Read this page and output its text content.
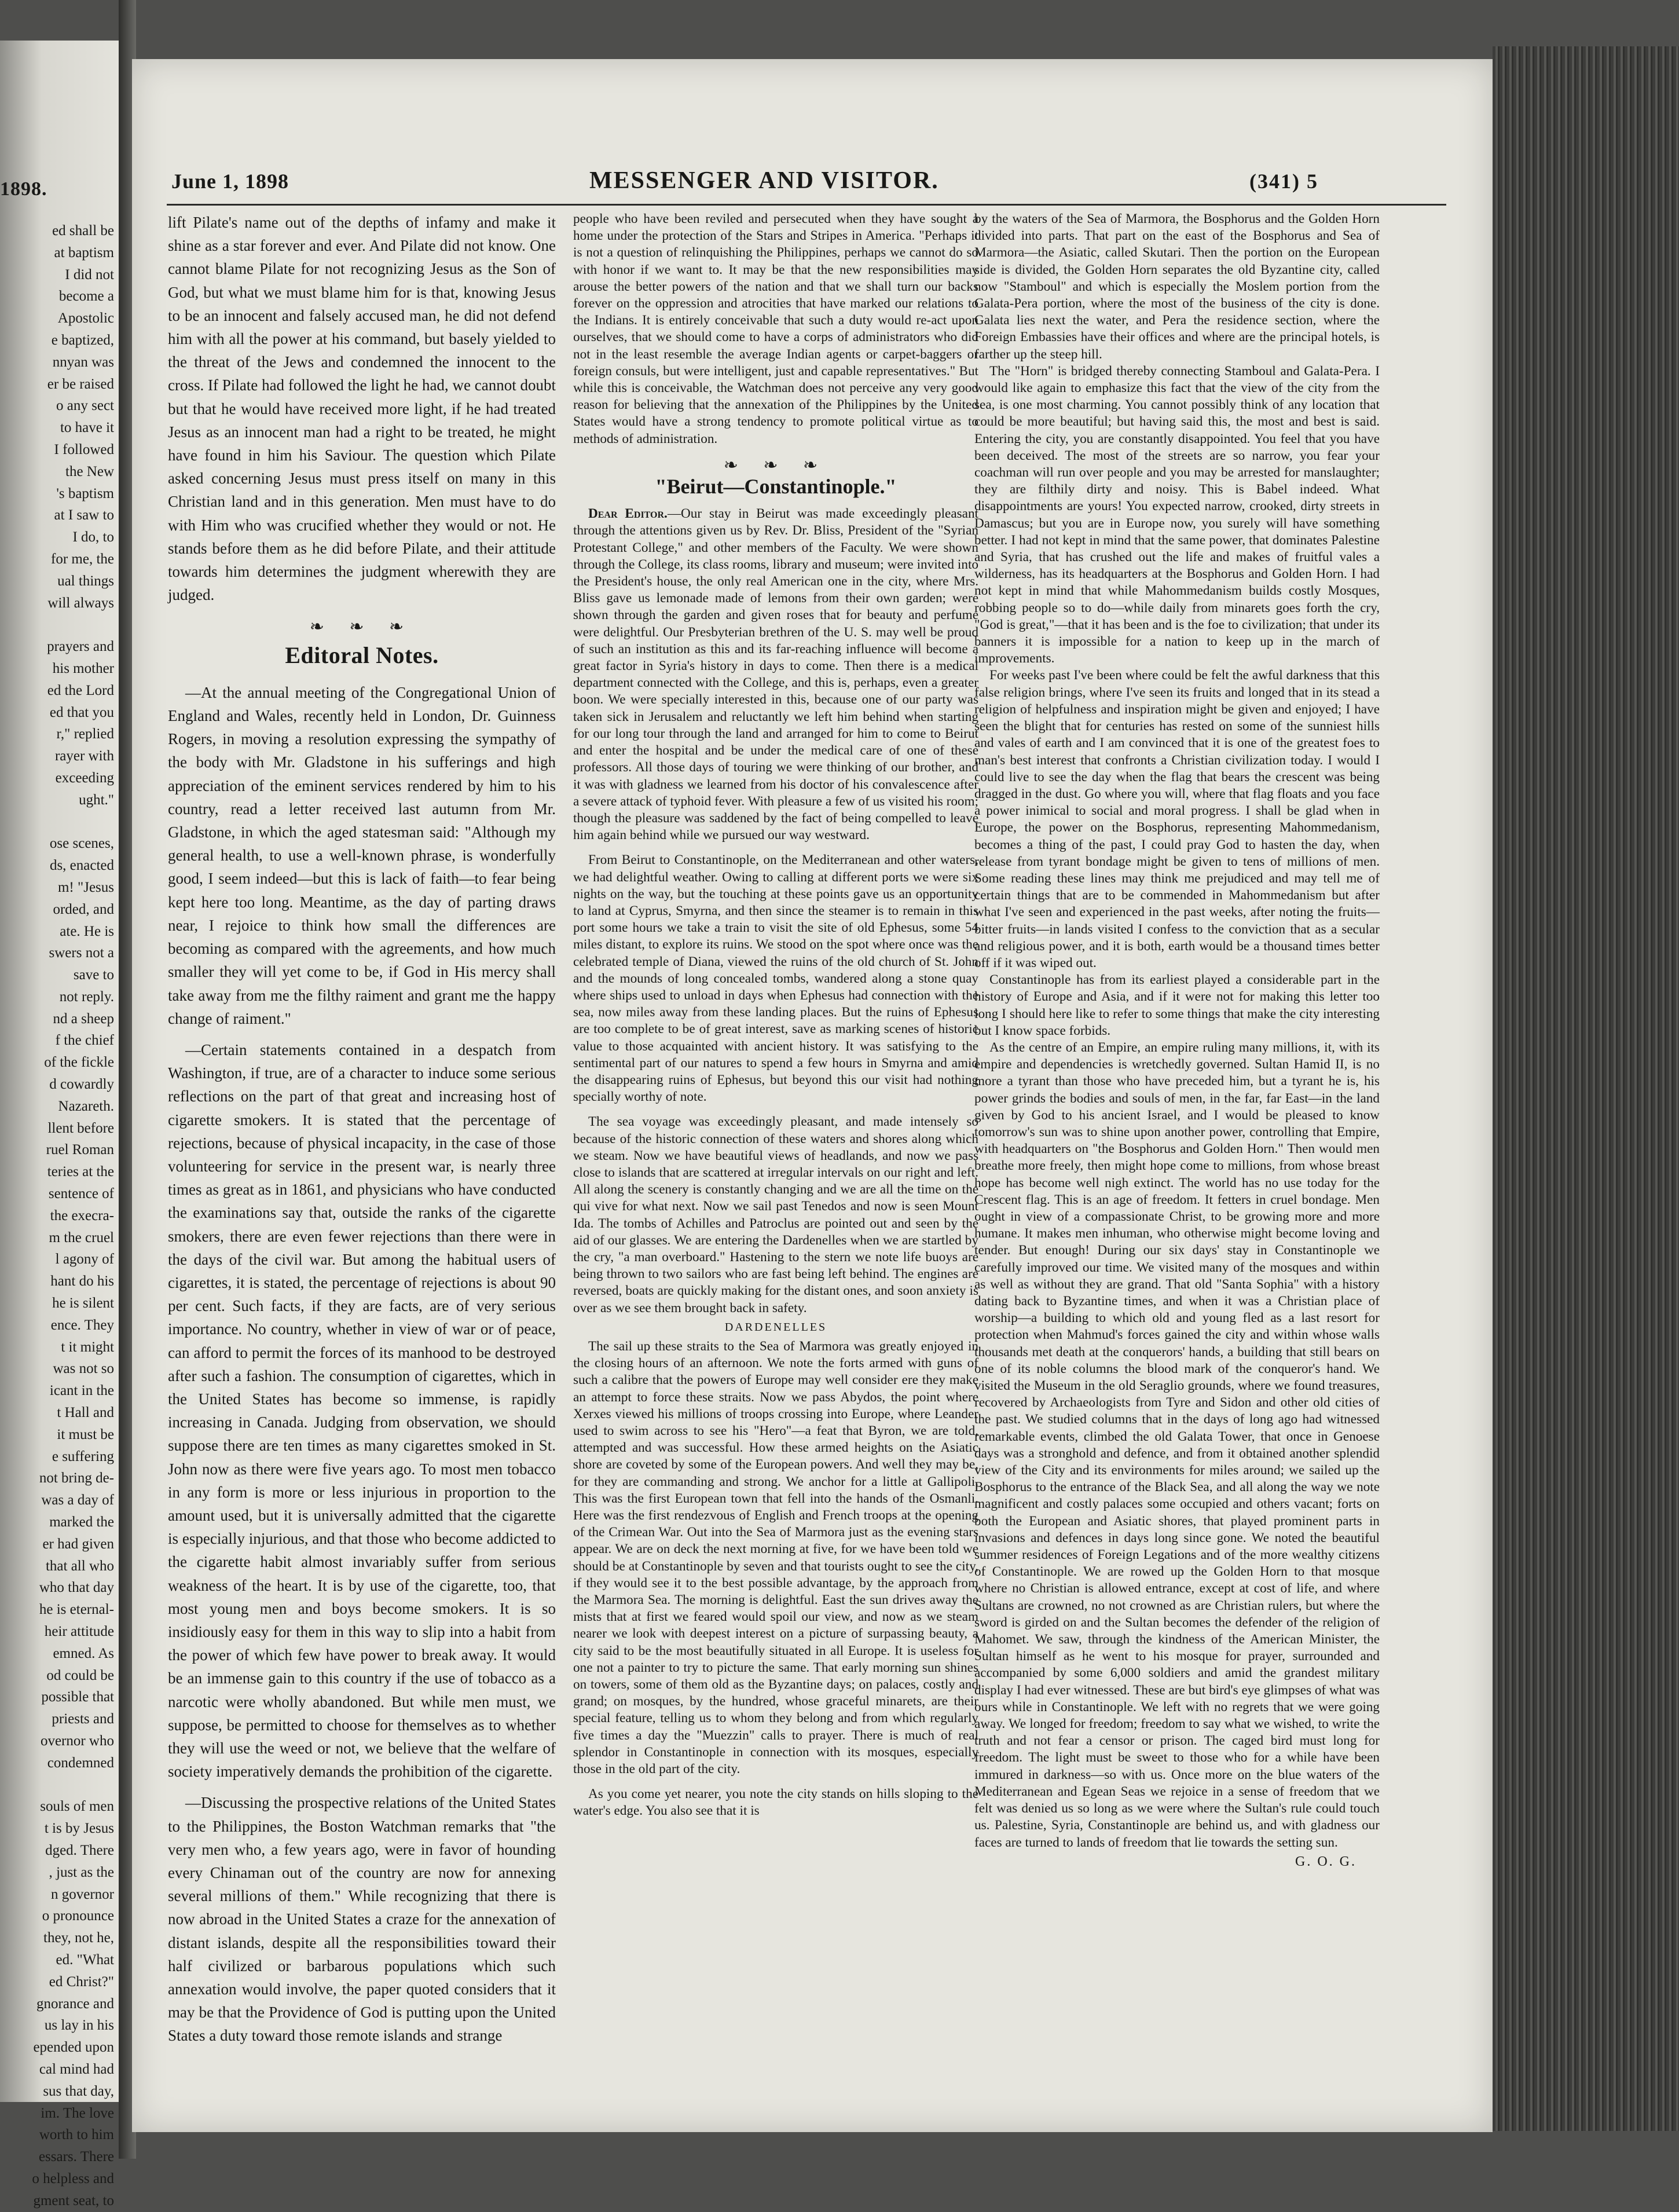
1898.
ed shall be
at baptism
I did not
become a
Apostolic
e baptized,
nnyan was
er be raised
o any sect
to have it
I followed
the New
's baptism
at I saw to
I do, to
for me, the
ual things
will always
prayers and
his mother
ed the Lord
ed that you
r," replied
rayer with
exceeding
ught."
ose scenes,
ds, enacted
m! "Jesus
orded, and
ate. He is
swers not a
save to
not reply.
nd a sheep
f the chief
of the fickle
d cowardly
Nazareth.
llent before
ruel Roman
teries at the
sentence of
the execra-
m the cruel
l agony of
hant do his
he is silent
ence. They
t it might
was not so
icant in the
t Hall and
it must be
e suffering
not bring de-
was a day of
marked the
er had given
that all who
who that day
he is eternal-
heir attitude
emned. As
od could be
possible that
priests and
overnor who
condemned
souls of men
t is by Jesus
dged. There
, just as the
n governor
o pronounce
they, not he,
ed. "What
ed Christ?"
gnorance and
us lay in his
epended upon
cal mind had
sus that day,
im. The love
worth to him
essars. There
o helpless and
gment seat, to
June 1, 1898	MESSENGER AND VISITOR.	(341) 5

lift Pilate's name out of the depths of infamy and make it shine as a star forever and ever. And Pilate did not know. One cannot blame Pilate for not recognizing Jesus as the Son of God, but what we must blame him for is that, knowing Jesus to be an innocent and falsely accused man, he did not defend him with all the power at his command, but basely yielded to the threat of the Jews and condemned the innocent to the cross. If Pilate had followed the light he had, we cannot doubt but that he would have received more light, if he had treated Jesus as an innocent man had a right to be treated, he might have found in him his Saviour. The question which Pilate asked concerning Jesus must press itself on many in this Christian land and in this generation. Men must have to do with Him who was crucified whether they would or not. He stands before them as he did before Pilate, and their attitude towards him determines the judgment wherewith they are judged.

❧ ❧ ❧
Editoral Notes.

—At the annual meeting of the Congregational Union of England and Wales, recently held in London, Dr. Guinness Rogers, in moving a resolution expressing the sympathy of the body with Mr. Gladstone in his sufferings and high appreciation of the eminent services rendered by him to his country, read a letter received last autumn from Mr. Gladstone, in which the aged statesman said: "Although my general health, to use a well-known phrase, is wonderfully good, I seem indeed—but this is lack of faith—to fear being kept here too long. Meantime, as the day of parting draws near, I rejoice to think how small the differences are becoming as compared with the agreements, and how much smaller they will yet come to be, if God in His mercy shall take away from me the filthy raiment and grant me the happy change of raiment."

—Certain statements contained in a despatch from Washington, if true, are of a character to induce some serious reflections on the part of that great and increasing host of cigarette smokers. It is stated that the percentage of rejections, because of physical incapacity, in the case of those volunteering for service in the present war, is nearly three times as great as in 1861, and physicians who have conducted the examinations say that, outside the ranks of the cigarette smokers, there are even fewer rejections than there were in the days of the civil war. But among the habitual users of cigarettes, it is stated, the percentage of rejections is about 90 per cent. Such facts, if they are facts, are of very serious importance. No country, whether in view of war or of peace, can afford to permit the forces of its manhood to be destroyed after such a fashion. The consumption of cigarettes, which in the United States has become so immense, is rapidly increasing in Canada. Judging from observation, we should suppose there are ten times as many cigarettes smoked in St. John now as there were five years ago. To most men tobacco in any form is more or less injurious in proportion to the amount used, but it is universally admitted that the cigarette is especially injurious, and that those who become addicted to the cigarette habit almost invariably suffer from serious weakness of the heart. It is by use of the cigarette, too, that most young men and boys become smokers. It is so insidiously easy for them in this way to slip into a habit from the power of which few have power to break away. It would be an immense gain to this country if the use of tobacco as a narcotic were wholly abandoned. But while men must, we suppose, be permitted to choose for themselves as to whether they will use the weed or not, we believe that the welfare of society imperatively demands the prohibition of the cigarette.

—Discussing the prospective relations of the United States to the Philippines, the Boston Watchman remarks that "the very men who, a few years ago, were in favor of hounding every Chinaman out of the country are now for annexing several millions of them." While recognizing that there is now abroad in the United States a craze for the annexation of distant islands, despite all the responsibilities toward their half civilized or barbarous populations which such annexation would involve, the paper quoted considers that it may be that the Providence of God is putting upon the United States a duty toward those remote islands and strange

people who have been reviled and persecuted when they have sought a home under the protection of the Stars and Stripes in America. "Perhaps it is not a question of relinquishing the Philippines, perhaps we cannot do so with honor if we want to. It may be that the new responsibilities may arouse the better powers of the nation and that we shall turn our backs forever on the oppression and atrocities that have marked our relations to the Indians. It is entirely conceivable that such a duty would re-act upon ourselves, that we should come to have a corps of administrators who did not in the least resemble the average Indian agents or carpet-baggers or foreign consuls, but were intelligent, just and capable representatives." But while this is conceivable, the Watchman does not perceive any very good reason for believing that the annexation of the Philippines by the United States would have a strong tendency to promote political virtue as to methods of administration.

❧ ❧ ❧
"Beirut—Constantinople."

Dear Editor.—Our stay in Beirut was made exceedingly pleasant through the attentions given us by Rev. Dr. Bliss, President of the "Syrian Protestant College," and other members of the Faculty. We were shown through the College, its class rooms, library and museum; were invited into the President's house, the only real American one in the city, where Mrs. Bliss gave us lemonade made of lemons from their own garden; were shown through the garden and given roses that for beauty and perfume were delightful. Our Presbyterian brethren of the U. S. may well be proud of such an institution as this and its far-reaching influence will become a great factor in Syria's history in days to come. Then there is a medical department connected with the College, and this is, perhaps, even a greater boon. We were specially interested in this, because one of our party was taken sick in Jerusalem and reluctantly we left him behind when starting for our long tour through the land and arranged for him to come to Beirut and enter the hospital and be under the medical care of one of these professors. All those days of touring we were thinking of our brother, and it was with gladness we learned from his doctor of his convalescence after a severe attack of typhoid fever. With pleasure a few of us visited his room; though the pleasure was saddened by the fact of being compelled to leave him again behind while we pursued our way westward.

From Beirut to Constantinople, on the Mediterranean and other waters, we had delightful weather. Owing to calling at different ports we were six nights on the way, but the touching at these points gave us an opportunity to land at Cyprus, Smyrna, and then since the steamer is to remain in this port some hours we take a train to visit the site of old Ephesus, some 54 miles distant, to explore its ruins. We stood on the spot where once was the celebrated temple of Diana, viewed the ruins of the old church of St. John and the mounds of long concealed tombs, wandered along a stone quay where ships used to unload in days when Ephesus had connection with the sea, now miles away from these landing places. But the ruins of Ephesus are too complete to be of great interest, save as marking scenes of historic value to those acquainted with ancient history. It was satisfying to the sentimental part of our natures to spend a few hours in Smyrna and amid the disappearing ruins of Ephesus, but beyond this our visit had nothing specially worthy of note.

The sea voyage was exceedingly pleasant, and made intensely so because of the historic connection of these waters and shores along which we steam. Now we have beautiful views of headlands, and now we pass close to islands that are scattered at irregular intervals on our right and left. All along the scenery is constantly changing and we are all the time on the qui vive for what next. Now we sail past Tenedos and now is seen Mount Ida. The tombs of Achilles and Patroclus are pointed out and seen by the aid of our glasses. We are entering the Dardenelles when we are startled by the cry, "a man overboard." Hastening to the stern we note life buoys are being thrown to two sailors who are fast being left behind. The engines are reversed, boats are quickly making for the distant ones, and soon anxiety is over as we see them brought back in safety.

DARDENELLES

The sail up these straits to the Sea of Marmora was greatly enjoyed in the closing hours of an afternoon. We note the forts armed with guns of such a calibre that the powers of Europe may well consider ere they make an attempt to force these straits. Now we pass Abydos, the point where Xerxes viewed his millions of troops crossing into Europe, where Leander used to swim across to see his "Hero"—a feat that Byron, we are told, attempted and was successful. How these armed heights on the Asiatic shore are coveted by some of the European powers. And well they may be, for they are commanding and strong. We anchor for a little at Gallipoli. This was the first European town that fell into the hands of the Osmanli. Here was the first rendezvous of English and French troops at the opening of the Crimean War. Out into the Sea of Marmora just as the evening stars appear. We are on deck the next morning at five, for we have been told we should be at Constantinople by seven and that tourists ought to see the city, if they would see it to the best possible advantage, by the approach from the Marmora Sea. The morning is delightful. East the sun drives away the mists that at first we feared would spoil our view, and now as we steam nearer we look with deepest interest on a picture of surpassing beauty, a city said to be the most beautifully situated in all Europe. It is useless for one not a painter to try to picture the same. That early morning sun shines on towers, some of them old as the Byzantine days; on palaces, costly and grand; on mosques, by the hundred, whose graceful minarets, are their special feature, telling us to whom they belong and from which regularly five times a day the "Muezzin" calls to prayer. There is much of real splendor in Constantinople in connection with its mosques, especially those in the old part of the city.

As you come yet nearer, you note the city stands on hills sloping to the water's edge. You also see that it is

by the waters of the Sea of Marmora, the Bosphorus and the Golden Horn divided into parts. That part on the east of the Bosphorus and Sea of Marmora—the Asiatic, called Skutari. Then the portion on the European side is divided, the Golden Horn separates the old Byzantine city, called now "Stamboul" and which is especially the Moslem portion from the Galata-Pera portion, where the most of the business of the city is done. Galata lies next the water, and Pera the residence section, where the Foreign Embassies have their offices and where are the principal hotels, is farther up the steep hill.

The "Horn" is bridged thereby connecting Stamboul and Galata-Pera. I would like again to emphasize this fact that the view of the city from the sea, is one most charming. You cannot possibly think of any location that could be more beautiful; but having said this, the most and best is said. Entering the city, you are constantly disappointed. You feel that you have been deceived. The most of the streets are so narrow, you fear your coachman will run over people and you may be arrested for manslaughter; they are filthily dirty and noisy. This is Babel indeed. What disappointments are yours! You expected narrow, crooked, dirty streets in Damascus; but you are in Europe now, you surely will have something better. I had not kept in mind that the same power, that dominates Palestine and Syria, that has crushed out the life and makes of fruitful vales a wilderness, has its headquarters at the Bosphorus and Golden Horn. I had not kept in mind that while Mahommedanism builds costly Mosques, robbing people so to do—while daily from minarets goes forth the cry, "God is great,"—that it has been and is the foe to civilization; that under its banners it is impossible for a nation to keep up in the march of improvements.

For weeks past I've been where could be felt the awful darkness that this false religion brings, where I've seen its fruits and longed that in its stead a religion of helpfulness and inspiration might be given and enjoyed; I have seen the blight that for centuries has rested on some of the sunniest hills and vales of earth and I am convinced that it is one of the greatest foes to man's best interest that confronts a Christian civilization today. I would I could live to see the day when the flag that bears the crescent was being dragged in the dust. Go where you will, where that flag floats and you face a power inimical to social and moral progress. I shall be glad when in Europe, the power on the Bosphorus, representing Mahommedanism, becomes a thing of the past, I could pray God to hasten the day, when release from tyrant bondage might be given to tens of millions of men. Some reading these lines may think me prejudiced and may tell me of certain things that are to be commended in Mahommedanism but after what I've seen and experienced in the past weeks, after noting the fruits—bitter fruits—in lands visited I confess to the conviction that as a secular and religious power, and it is both, earth would be a thousand times better off if it was wiped out.

Constantinople has from its earliest played a considerable part in the history of Europe and Asia, and if it were not for making this letter too long I should here like to refer to some things that make the city interesting but I know space forbids.

As the centre of an Empire, an empire ruling many millions, it, with its empire and dependencies is wretchedly governed. Sultan Hamid II, is no more a tyrant than those who have preceded him, but a tyrant he is, his power grinds the bodies and souls of men, in the far, far East—in the land given by God to his ancient Israel, and I would be pleased to know tomorrow's sun was to shine upon another power, controlling that Empire, with headquarters on "the Bosphorus and Golden Horn." Then would men breathe more freely, then might hope come to millions, from whose breast hope has become well nigh extinct. The world has no use today for the Crescent flag. This is an age of freedom. It fetters in cruel bondage. Men ought in view of a compassionate Christ, to be growing more and more humane. It makes men inhuman, who otherwise might become loving and tender. But enough! During our six days' stay in Constantinople we carefully improved our time. We visited many of the mosques and within as well as without they are grand. That old "Santa Sophia" with a history dating back to Byzantine times, and when it was a Christian place of worship—a building to which old and young fled as a last resort for protection when Mahmud's forces gained the city and within whose walls thousands met death at the conquerors' hands, a building that still bears on one of its noble columns the blood mark of the conqueror's hand. We visited the Museum in the old Seraglio grounds, where we found treasures, recovered by Archaeologists from Tyre and Sidon and other old cities of the past. We studied columns that in the days of long ago had witnessed remarkable events, climbed the old Galata Tower, that once in Genoese days was a stronghold and defence, and from it obtained another splendid view of the City and its environments for miles around; we sailed up the Bosphorus to the entrance of the Black Sea, and all along the way we note magnificent and costly palaces some occupied and others vacant; forts on both the European and Asiatic shores, that played prominent parts in invasions and defences in days long since gone. We noted the beautiful summer residences of Foreign Legations and of the more wealthy citizens of Constantinople. We are rowed up the Golden Horn to that mosque where no Christian is allowed entrance, except at cost of life, and where Sultans are crowned, no not crowned as are Christian rulers, but where the sword is girded on and the Sultan becomes the defender of the religion of Mahomet. We saw, through the kindness of the American Minister, the Sultan himself as he went to his mosque for prayer, surrounded and accompanied by some 6,000 soldiers and amid the grandest military display I had ever witnessed. These are but bird's eye glimpses of what was ours while in Constantinople. We left with no regrets that we were going away. We longed for freedom; freedom to say what we wished, to write the truth and not fear a censor or prison. The caged bird must long for freedom. The light must be sweet to those who for a while have been immured in darkness—so with us. Once more on the blue waters of the Mediterranean and Egean Seas we rejoice in a sense of freedom that we felt was denied us so long as we were where the Sultan's rule could touch us. Palestine, Syria, Constantinople are behind us, and with gladness our faces are turned to lands of freedom that lie towards the setting sun.

G. O. G.
